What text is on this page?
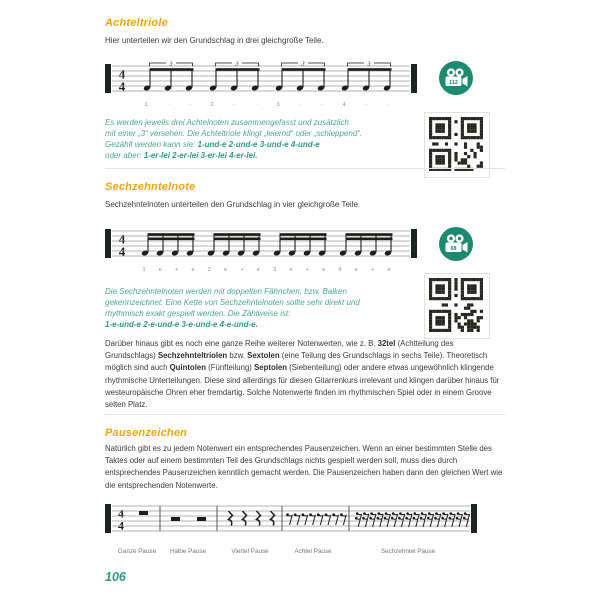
Achteltriole
Hier unterteilen wir den Grundschlag in drei gleichgroße Teile.
4
4
3	3	3	3
1	·	·	2	·	·	3	·	·	4	·	·
112
Es werden jeweils drei Achtelnoten zusammengefasst und zusätzlich
mit einer „3“ versehen. Die Achteltriole klingt „leiernd“ oder „schleppend“.
Gezählt werden kann sie: 1-und-e 2-und-e 3-und-e 4-und-e
oder aber: 1-er-lei 2-er-lei 3-er-lei 4-er-lei.
Sechzehntelnote
Sechzehntelnoten unterteilen den Grundschlag in vier gleichgroße Teile.
4
4
1 e + e 2 e + e 3 e + e 4 e + e
68
Die Sechzehntelnoten werden mit doppelten Fähnchen, bzw. Balken
gekennzeichnet. Eine Kette von Sechzehntelnoten sollte sehr direkt und
rhythmisch exakt gespielt werden. Die Zählweise ist:
1-e-und-e 2-e-und-e 3-e-und-e 4-e-und-e.

Darüber hinaus gibt es noch eine ganze Reihe weiterer Notenwerten, wie z. B. 32tel (Achtteilung des Grundschlags) Sechzehnteltriolen bzw. Sextolen (eine Teilung des Grundschlags in sechs Teile). Theoretisch möglich sind auch Quintolen (Fünfteilung) Septolen (Siebenteilung) oder andere etwas ungewöhnlich klingende rhythmische Unterteilungen. Diese sind allerdings für diesen Gitarrenkurs irrelevant und klingen darüber hinaus für westeuropäische Ohren eher fremdartig. Solche Notenwerte finden im rhythmischen Spiel oder in einem Groove selten Platz.

Pausenzeichen

Natürlich gibt es zu jedem Notenwert ein entsprechendes Pausenzeichen. Wenn an einer bestimmten Stelle des Taktes oder auf einem bestimmten Teil des Grundschlags nichts gespielt werden soll, muss dies durch entsprechendes Pausenzeichen kenntlich gemacht werden. Die Pausenzeichen haben dann den gleichen Wert wie die entsprechenden Notenwerte.

4
4
Ganze Pause Halbe Pause	Viertel Pause	Achtel Pause	Sechzehntel Pause
106
